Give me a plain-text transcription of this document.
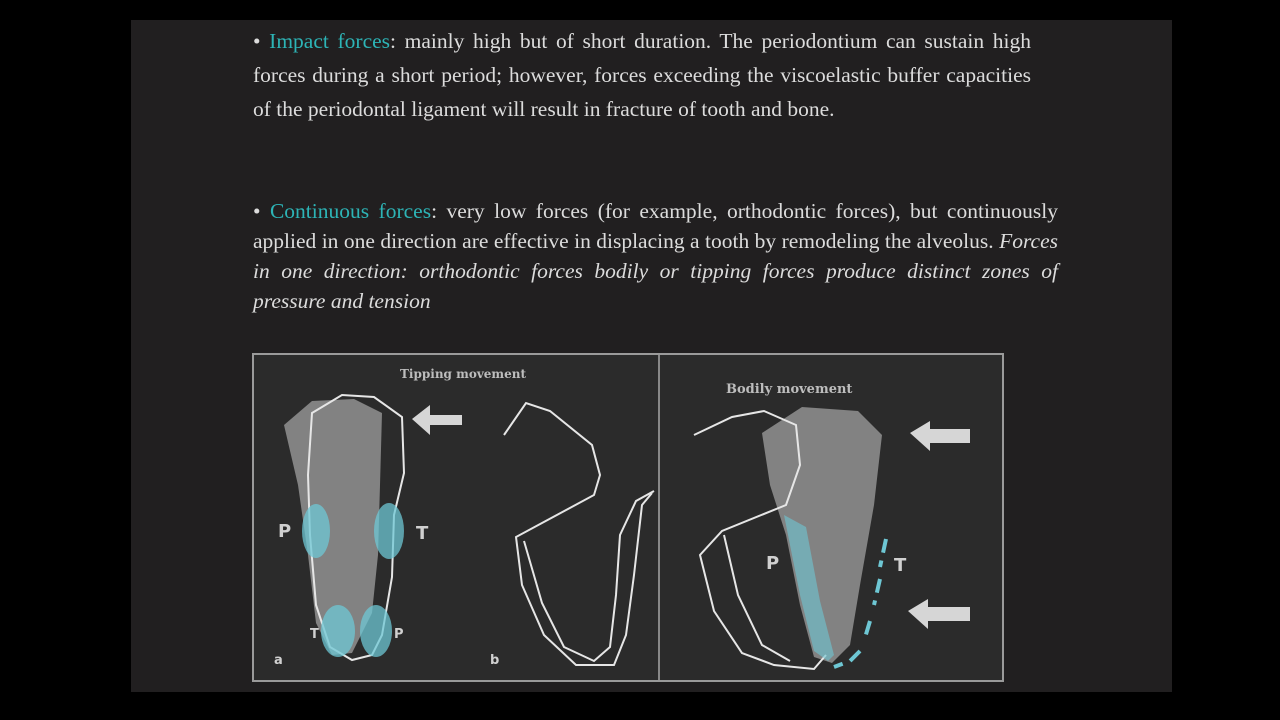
• Impact forces: mainly high but of short duration. The periodontium can sustain high forces during a short period; however, forces exceeding the viscoelastic buffer capacities of the periodontal ligament will result in fracture of tooth and bone.

• Continuous forces: very low forces (for example, orthodontic forces), but continuously applied in one direction are effective in displacing a tooth by remodeling the alveolus. Forces in one direction: orthodontic forces bodily or tipping forces produce distinct zones of pressure and tension

Tipping movement
Bodily movement
P	T
T	P
P	T
a	b
